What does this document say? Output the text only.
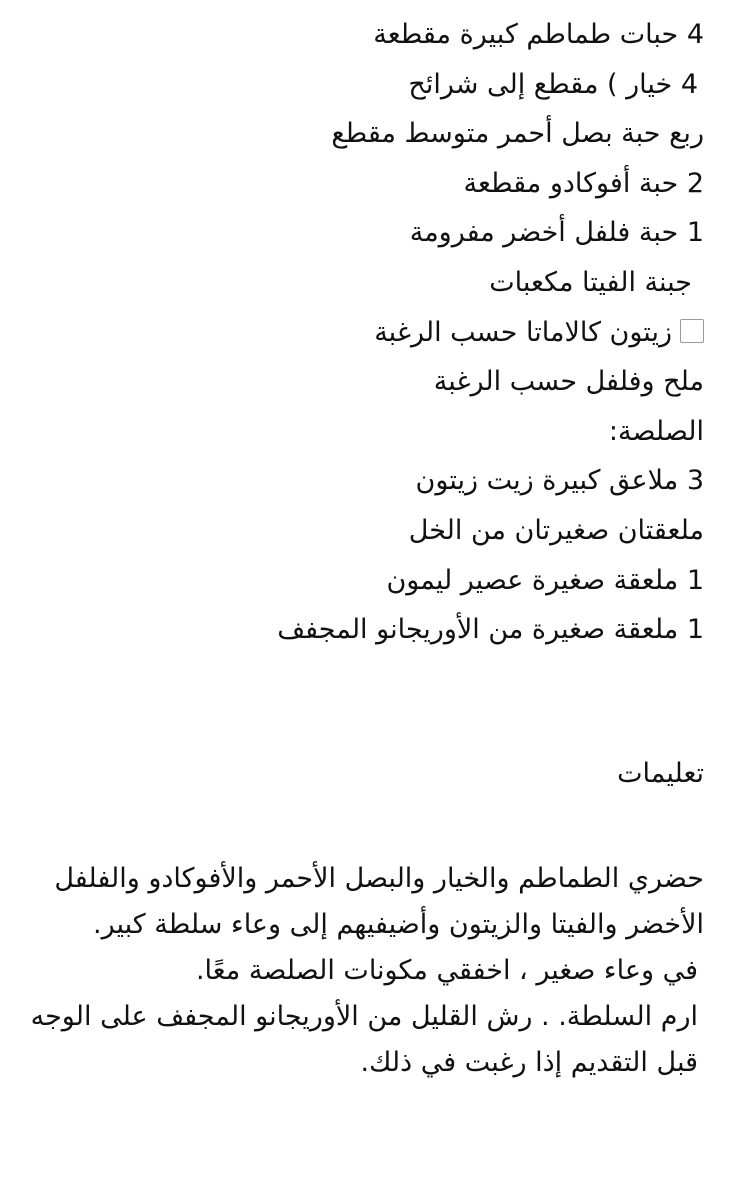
4 حبات طماطم كبيرة مقطعة
4 خيار ) مقطع إلى شرائح
ربع حبة بصل أحمر متوسط مقطع
2 حبة أفوكادو مقطعة
1 حبة فلفل أخضر مفرومة
جبنة الفيتا مكعبات
زيتون كالاماتا حسب الرغبة
ملح وفلفل حسب الرغبة
الصلصة:
3 ملاعق كبيرة زيت زيتون
ملعقتان صغيرتان من الخل
1 ملعقة صغيرة عصير ليمون
1 ملعقة صغيرة من الأوريجانو المجفف
تعليمات

حضري الطماطم والخيار والبصل الأحمر والأفوكادو والفلفل الأخضر والفيتا والزيتون وأضيفيهم إلى وعاء سلطة كبير.

في وعاء صغير ، اخفقي مكونات الصلصة معًا.

ارم السلطة. . رش القليل من الأوريجانو المجفف على الوجه قبل التقديم إذا رغبت في ذلك.
